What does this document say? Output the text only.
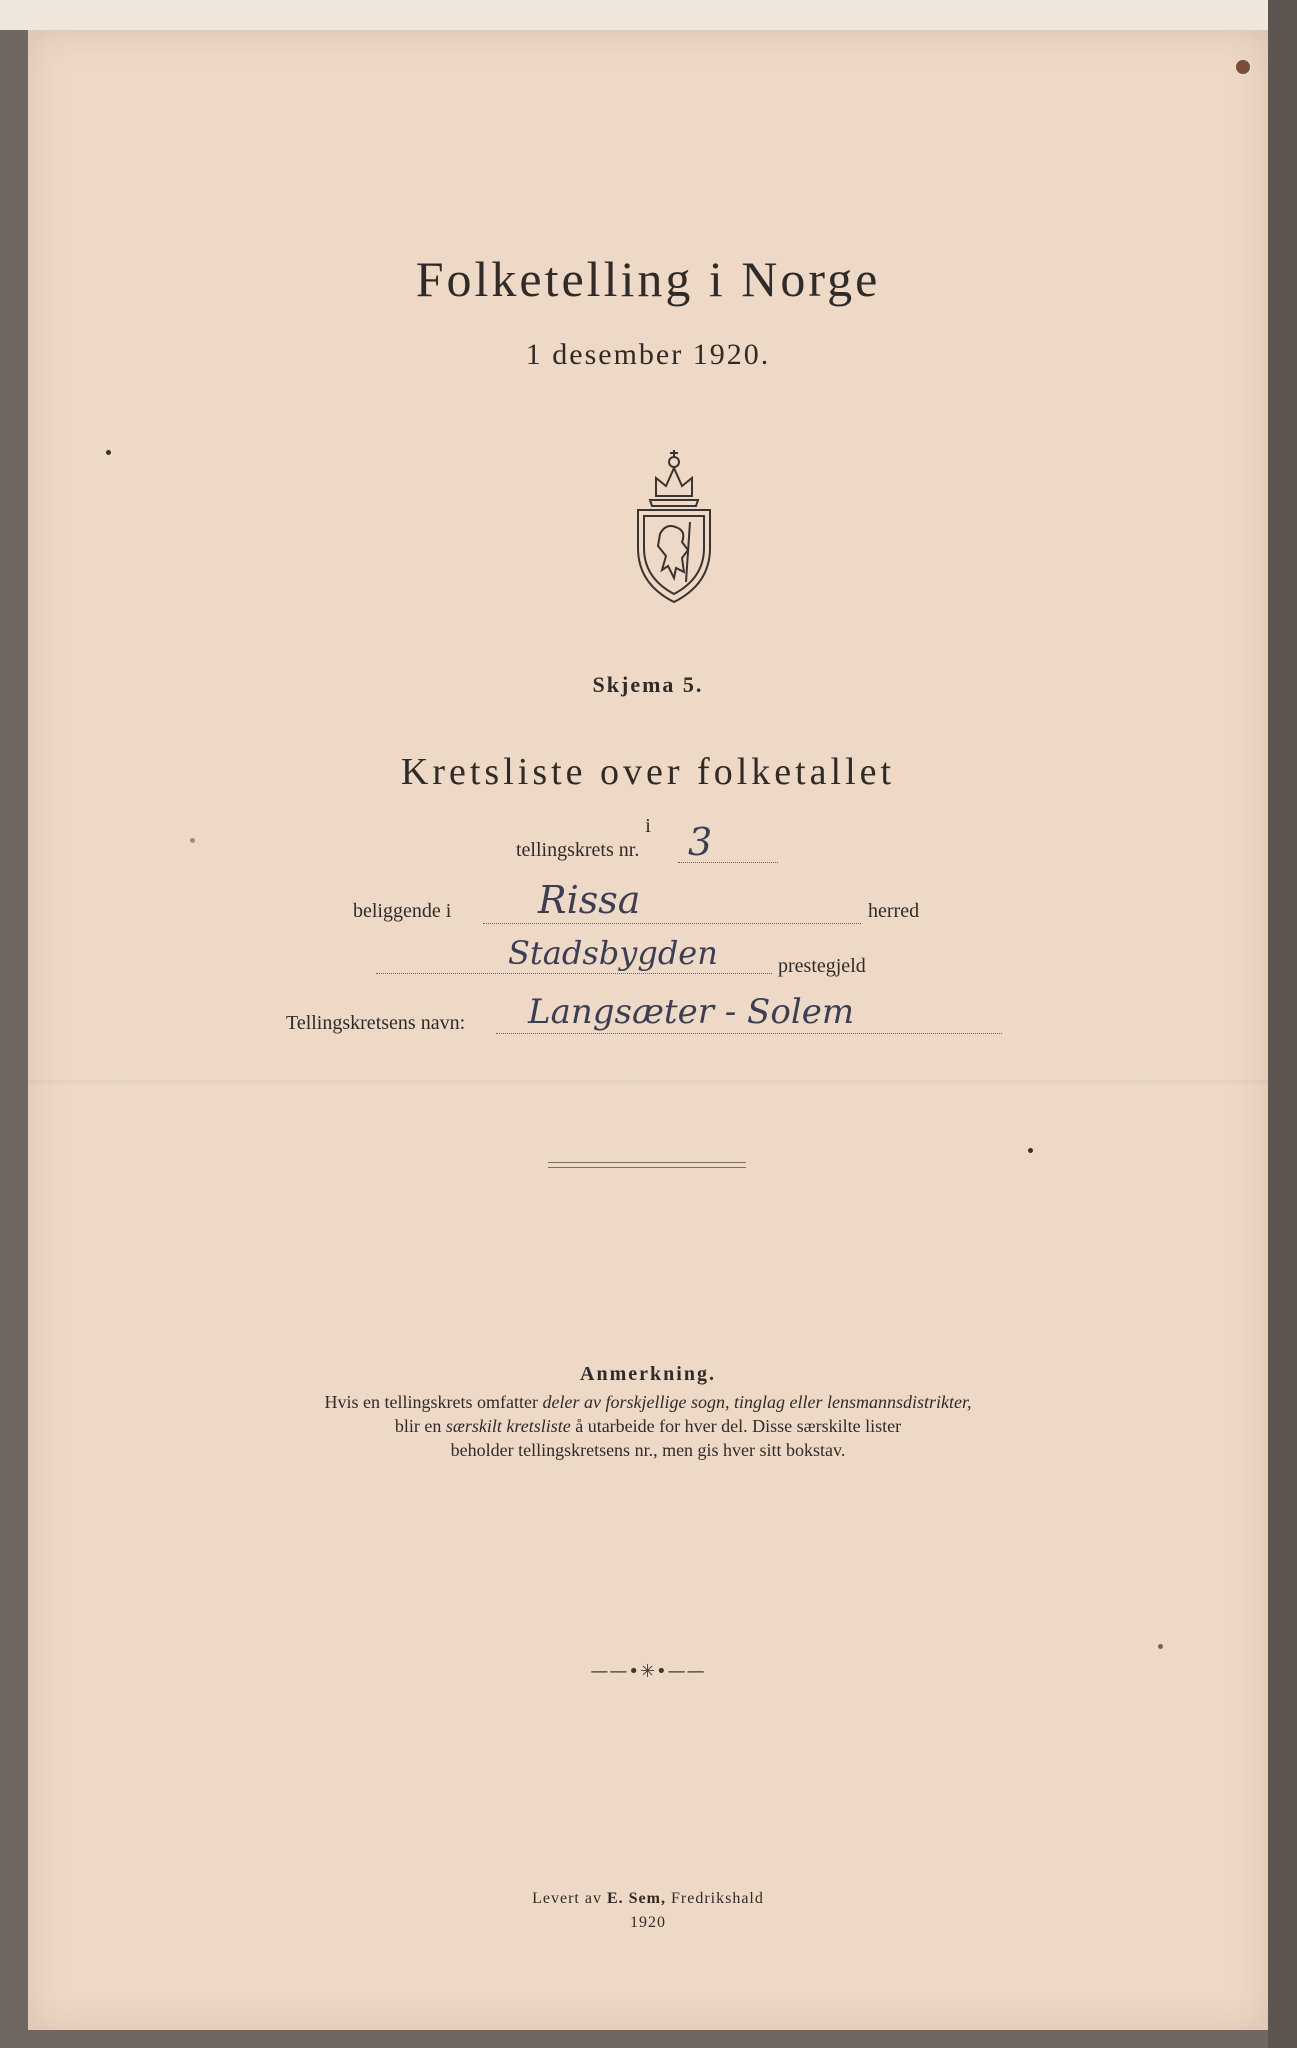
Folketelling i Norge
1 desember 1920.
Skjema 5.
Kretsliste over folketallet
i
tellingskrets nr. 3
beliggende i Rissa	herred
Stadsbygden	prestegjeld
Tellingskretsens navn: Langsæter - Solem
Anmerkning.
Hvis en tellingskrets omfatter deler av forskjellige sogn, tinglag eller lensmannsdistrikter,
blir en særskilt kretsliste å utarbeide for hver del. Disse særskilte lister
beholder tellingskretsens nr., men gis hver sitt bokstav.
——•✳•——
Levert av E. Sem, Fredrikshald
1920
